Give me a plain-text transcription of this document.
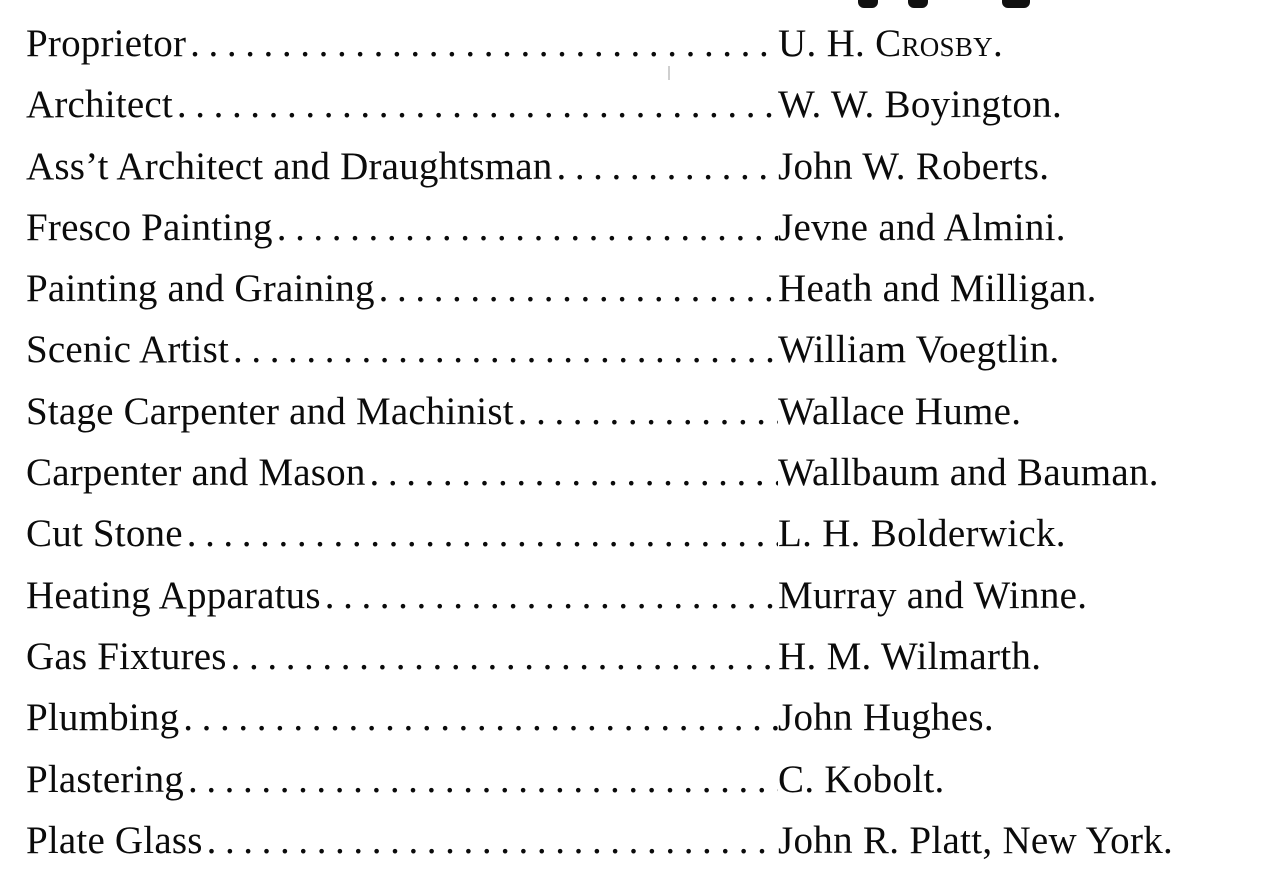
Proprietor .....	U. H. Crosby.
Architect .....	W. W. Boyington.
Ass’t Architect and Draughtsman .....	John W. Roberts.
Fresco Painting .....	Jevne and Almini.
Painting and Graining .....	Heath and Milligan.
Scenic Artist .....	William Voegtlin.
Stage Carpenter and Machinist .....	Wallace Hume.
Carpenter and Mason .....	Wallbaum and Bauman.
Cut Stone .....	L. H. Bolderwick.
Heating Apparatus .....	Murray and Winne.
Gas Fixtures .....	H. M. Wilmarth.
Plumbing .....	John Hughes.
Plastering .....	C. Kobolt.
Plate Glass .....	John R. Platt, New York.
